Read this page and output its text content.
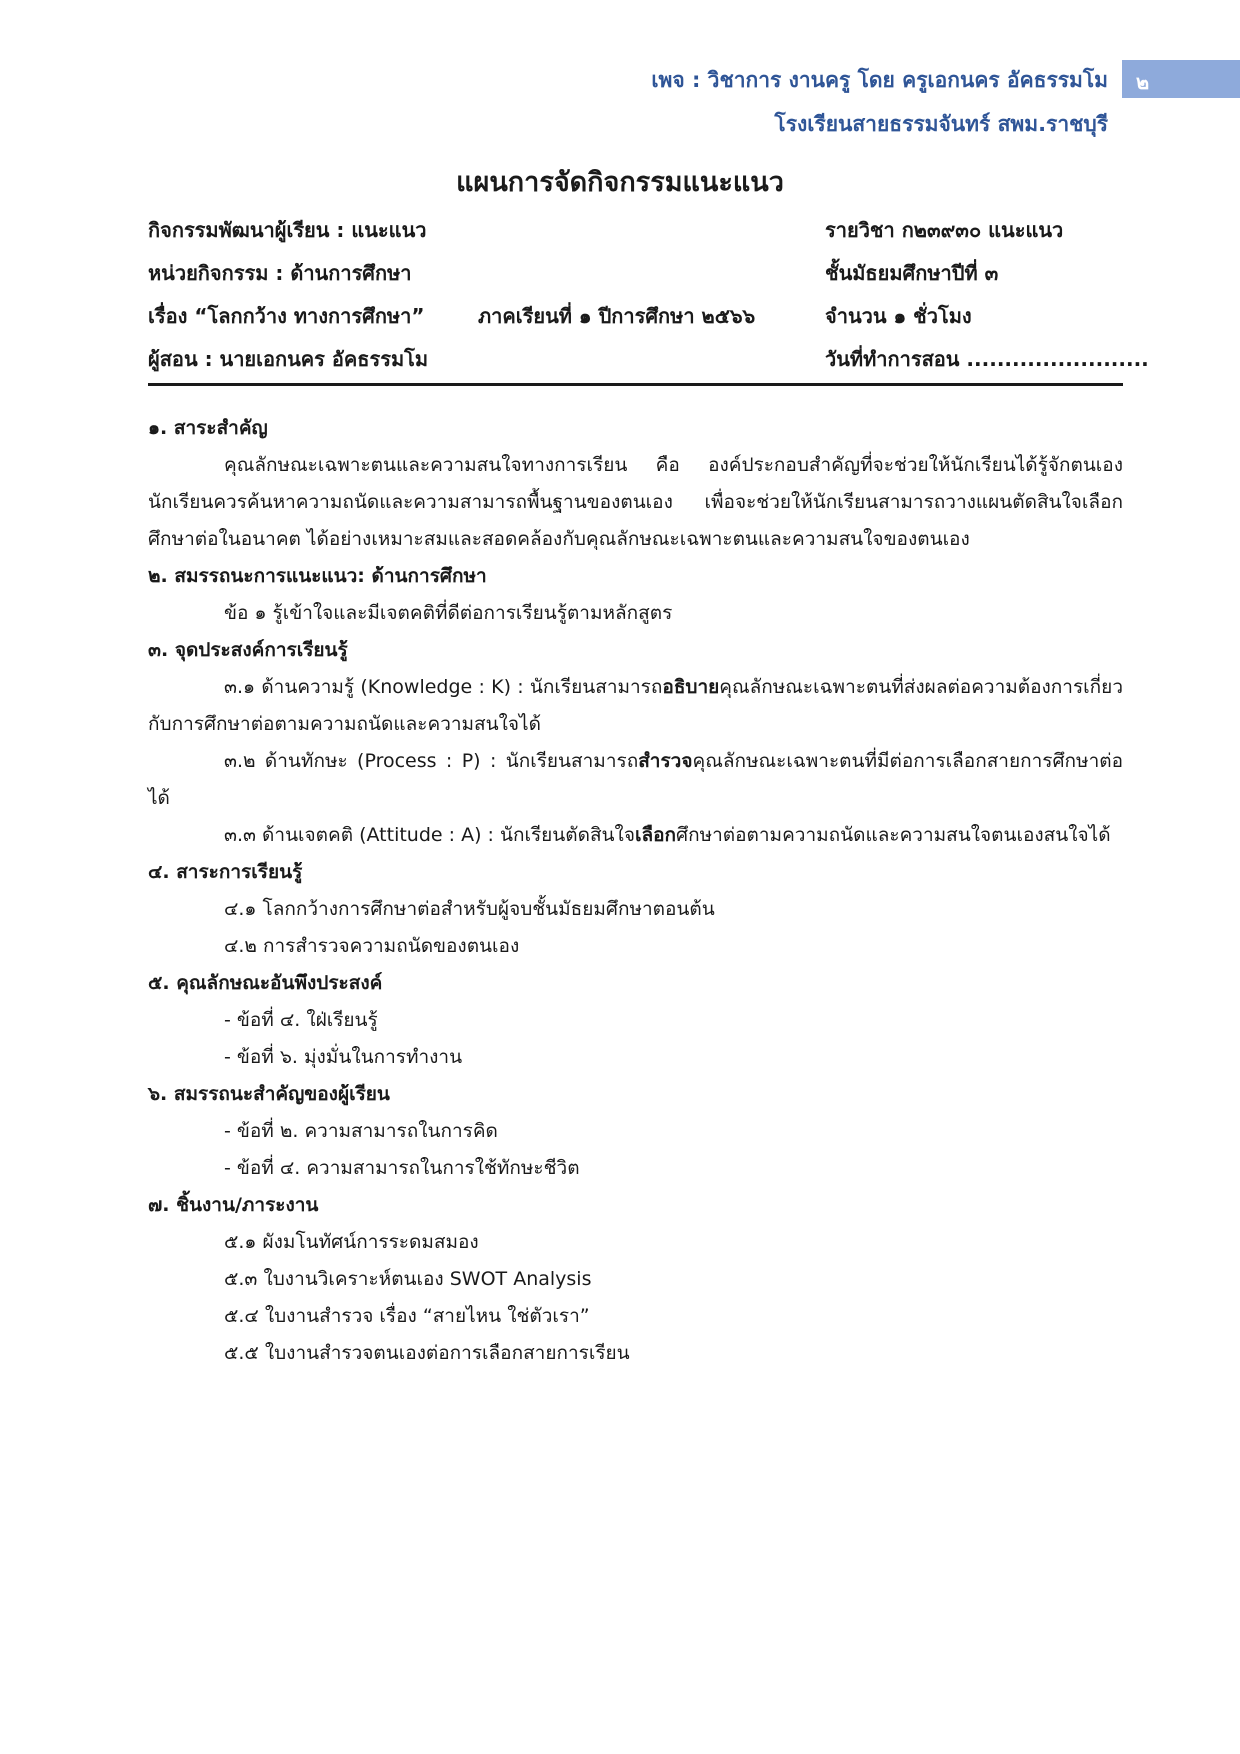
เพจ : วิชาการ งานครู โดย ครูเอกนคร อัคธรรมโม
โรงเรียนสายธรรมจันทร์ สพม.ราชบุรี
๒
แผนการจัดกิจกรรมแนะแนว
กิจกรรมพัฒนาผู้เรียน : แนะแนว	รายวิชา ก๒๓๙๓๐ แนะแนว
หน่วยกิจกรรม : ด้านการศึกษา	ชั้นมัธยมศึกษาปีที่ ๓
เรื่อง “โลกกว้าง ทางการศึกษา”	ภาคเรียนที่ ๑ ปีการศึกษา ๒๕๖๖	จำนวน ๑ ชั่วโมง
ผู้สอน : นายเอกนคร อัคธรรมโม	วันที่ทำการสอน ........................
๑. สาระสำคัญ
คุณลักษณะเฉพาะตนและความสนใจทางการเรียน คือ องค์ประกอบสำคัญที่จะช่วยให้นักเรียนได้รู้จักตนเอง นักเรียนควรค้นหาความถนัดและความสามารถพื้นฐานของตนเอง เพื่อจะช่วยให้นักเรียนสามารถวางแผนตัดสินใจเลือกศึกษาต่อในอนาคต ได้อย่างเหมาะสมและสอดคล้องกับคุณลักษณะเฉพาะตนและความสนใจของตนเอง
๒. สมรรถนะการแนะแนว: ด้านการศึกษา
ข้อ ๑ รู้เข้าใจและมีเจตคติที่ดีต่อการเรียนรู้ตามหลักสูตร
๓. จุดประสงค์การเรียนรู้
๓.๑ ด้านความรู้ (Knowledge : K) : นักเรียนสามารถอธิบายคุณลักษณะเฉพาะตนที่ส่งผลต่อความต้องการเกี่ยวกับการศึกษาต่อตามความถนัดและความสนใจได้
๓.๒ ด้านทักษะ (Process : P) : นักเรียนสามารถสำรวจคุณลักษณะเฉพาะตนที่มีต่อการเลือกสายการศึกษาต่อได้
๓.๓ ด้านเจตคติ (Attitude : A) : นักเรียนตัดสินใจเลือกศึกษาต่อตามความถนัดและความสนใจตนเองสนใจได้
๔. สาระการเรียนรู้
๔.๑ โลกกว้างการศึกษาต่อสำหรับผู้จบชั้นมัธยมศึกษาตอนต้น
๔.๒ การสำรวจความถนัดของตนเอง
๕. คุณลักษณะอันพึงประสงค์
- ข้อที่ ๔. ใฝ่เรียนรู้
- ข้อที่ ๖. มุ่งมั่นในการทำงาน
๖. สมรรถนะสำคัญของผู้เรียน
- ข้อที่ ๒. ความสามารถในการคิด
- ข้อที่ ๔. ความสามารถในการใช้ทักษะชีวิต
๗. ชิ้นงาน/ภาระงาน
๕.๑ ผังมโนทัศน์การระดมสมอง
๕.๓ ใบงานวิเคราะห์ตนเอง SWOT Analysis
๕.๔ ใบงานสำรวจ เรื่อง “สายไหน ใช่ตัวเรา”
๕.๕ ใบงานสำรวจตนเองต่อการเลือกสายการเรียน
